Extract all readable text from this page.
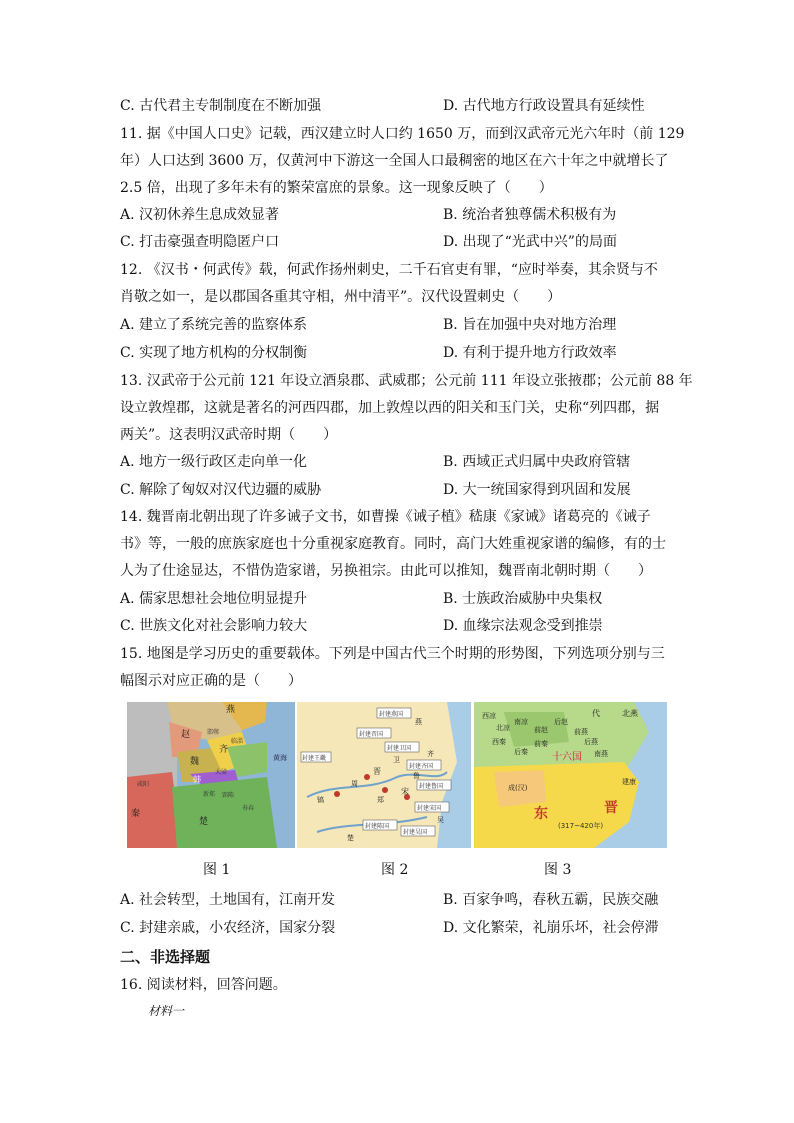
C. 古代君主专制制度在不断加强	D. 古代地方行政设置具有延续性
11. 据《中国人口史》记载，西汉建立时人口约 1650 万，而到汉武帝元光六年时（前 129
年）人口达到 3600 万，仅黄河中下游这一全国人口最稠密的地区在六十年之中就增长了
2.5 倍，出现了多年未有的繁荣富庶的景象。这一现象反映了（　　）
A. 汉初休养生息成效显著	B. 统治者独尊儒术积极有为
C. 打击豪强查明隐匿户口	D. 出现了“光武中兴”的局面
12. 《汉书・何武传》载，何武作扬州刺史，二千石官吏有罪，“应时举奏，其余贤与不
肖敬之如一，是以郡国各重其守相，州中清平”。汉代设置刺史（　　）
A. 建立了系统完善的监察体系	B. 旨在加强中央对地方治理
C. 实现了地方机构的分权制衡	D. 有利于提升地方行政效率
13. 汉武帝于公元前 121 年设立酒泉郡、武威郡；公元前 111 年设立张掖郡；公元前 88 年
设立敦煌郡，这就是著名的河西四郡，加上敦煌以西的阳关和玉门关，史称“列四郡，据
两关”。这表明汉武帝时期（　　）
A. 地方一级行政区走向单一化	B. 西域正式归属中央政府管辖
C. 解除了匈奴对汉代边疆的威胁	D. 大一统国家得到巩固和发展
14. 魏晋南北朝出现了许多诫子文书，如曹操《诫子植》嵇康《家诫》诸葛亮的《诫子
书》等，一般的庶族家庭也十分重视家庭教育。同时，高门大姓重视家谱的编修，有的士
人为了仕途显达，不惜伪造家谱，另换祖宗。由此可以推知，魏晋南北朝时期（　　）
A. 儒家思想社会地位明显提升	B. 士族政治威胁中央集权
C. 世族文化对社会影响力较大	D. 血缘宗法观念受到推崇
15. 地图是学习历史的重要载体。下列是中国古代三个时期的形势图，下列选项分别与三
幅图示对应正确的是（　　）
燕
赵
魏
齐
韩
秦
楚
黄海
临淄
邯郸
大梁
郢陈
寿春
新郑
咸阳
封建燕国
封建卫国
封建齐国
封建鲁国
封建宋国
封建晋国
封建吴国
封建陈国
封建王畿
晋
宋
鲁
齐
卫
郑
燕
吴
楚
周
镐
代	北燕
西凉
北凉
南凉
西秦
前赵
后赵
后秦
前燕
后燕
南燕
前秦
成(汉)
十六国
东	晋
(317~420年)
建康
图 1	图 2	图 3
A. 社会转型，土地国有，江南开发	B. 百家争鸣，春秋五霸，民族交融
C. 封建亲戚，小农经济，国家分裂	D. 文化繁荣，礼崩乐坏，社会停滞
二、非选择题
16. 阅读材料，回答问题。
材料一
